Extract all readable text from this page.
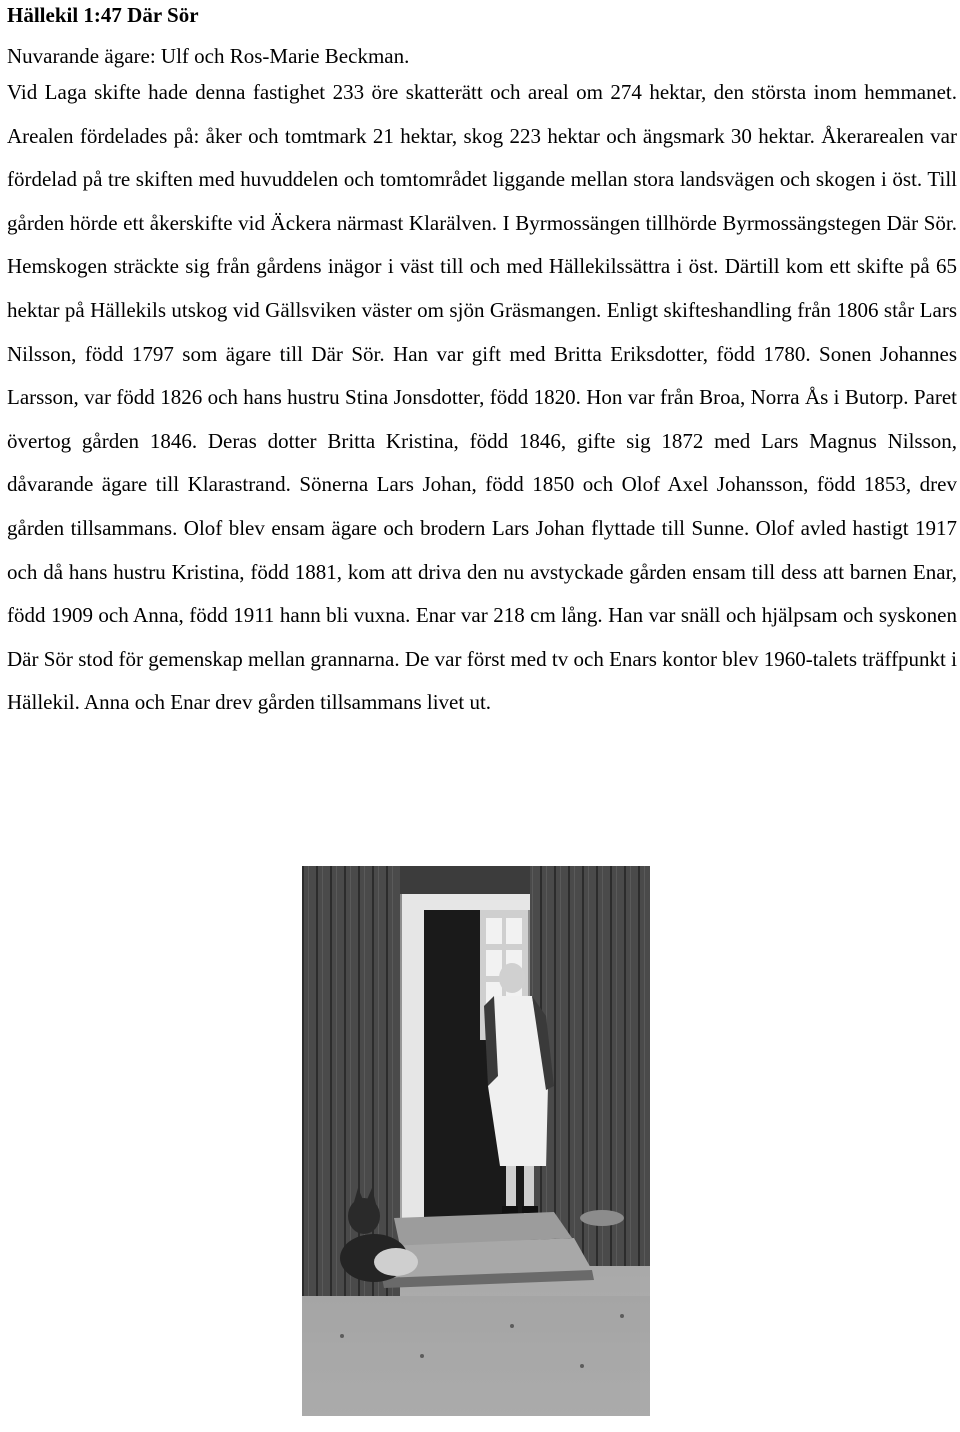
Hällekil 1:47 Där Sör

Nuvarande ägare: Ulf och Ros-Marie Beckman.

Vid Laga skifte hade denna fastighet 233 öre skatterätt och areal om 274 hektar, den största inom hemmanet. Arealen fördelades på: åker och tomtmark 21 hektar, skog 223 hektar och ängsmark 30 hektar. Åkerarealen var fördelad på tre skiften med huvuddelen och tomtområdet liggande mellan stora landsvägen och skogen i öst. Till gården hörde ett åkerskifte vid Äckera närmast Klarälven. I Byrmossängen tillhörde Byrmossängstegen Där Sör. Hemskogen sträckte sig från gårdens inägor i väst till och med Hällekilssättra i öst. Därtill kom ett skifte på 65 hektar på Hällekils utskog vid Gällsviken väster om sjön Gräsmangen. Enligt skifteshandling från 1806 står Lars Nilsson, född 1797 som ägare till Där Sör. Han var gift med Britta Eriksdotter, född 1780. Sonen Johannes Larsson, var född 1826 och hans hustru Stina Jonsdotter, född 1820. Hon var från Broa, Norra Ås i Butorp. Paret övertog gården 1846. Deras dotter Britta Kristina, född 1846, gifte sig 1872 med Lars Magnus Nilsson, dåvarande ägare till Klarastrand. Sönerna Lars Johan, född 1850 och Olof Axel Johansson, född 1853, drev gården tillsammans. Olof blev ensam ägare och brodern Lars Johan flyttade till Sunne. Olof avled hastigt 1917 och då hans hustru Kristina, född 1881, kom att driva den nu avstyckade gården ensam till dess att barnen Enar, född 1909 och Anna, född 1911 hann bli vuxna. Enar var 218 cm lång. Han var snäll och hjälpsam och syskonen Där Sör stod för gemenskap mellan grannarna. De var först med tv och Enars kontor blev 1960-talets träffpunkt i Hällekil. Anna och Enar drev gården tillsammans livet ut.
